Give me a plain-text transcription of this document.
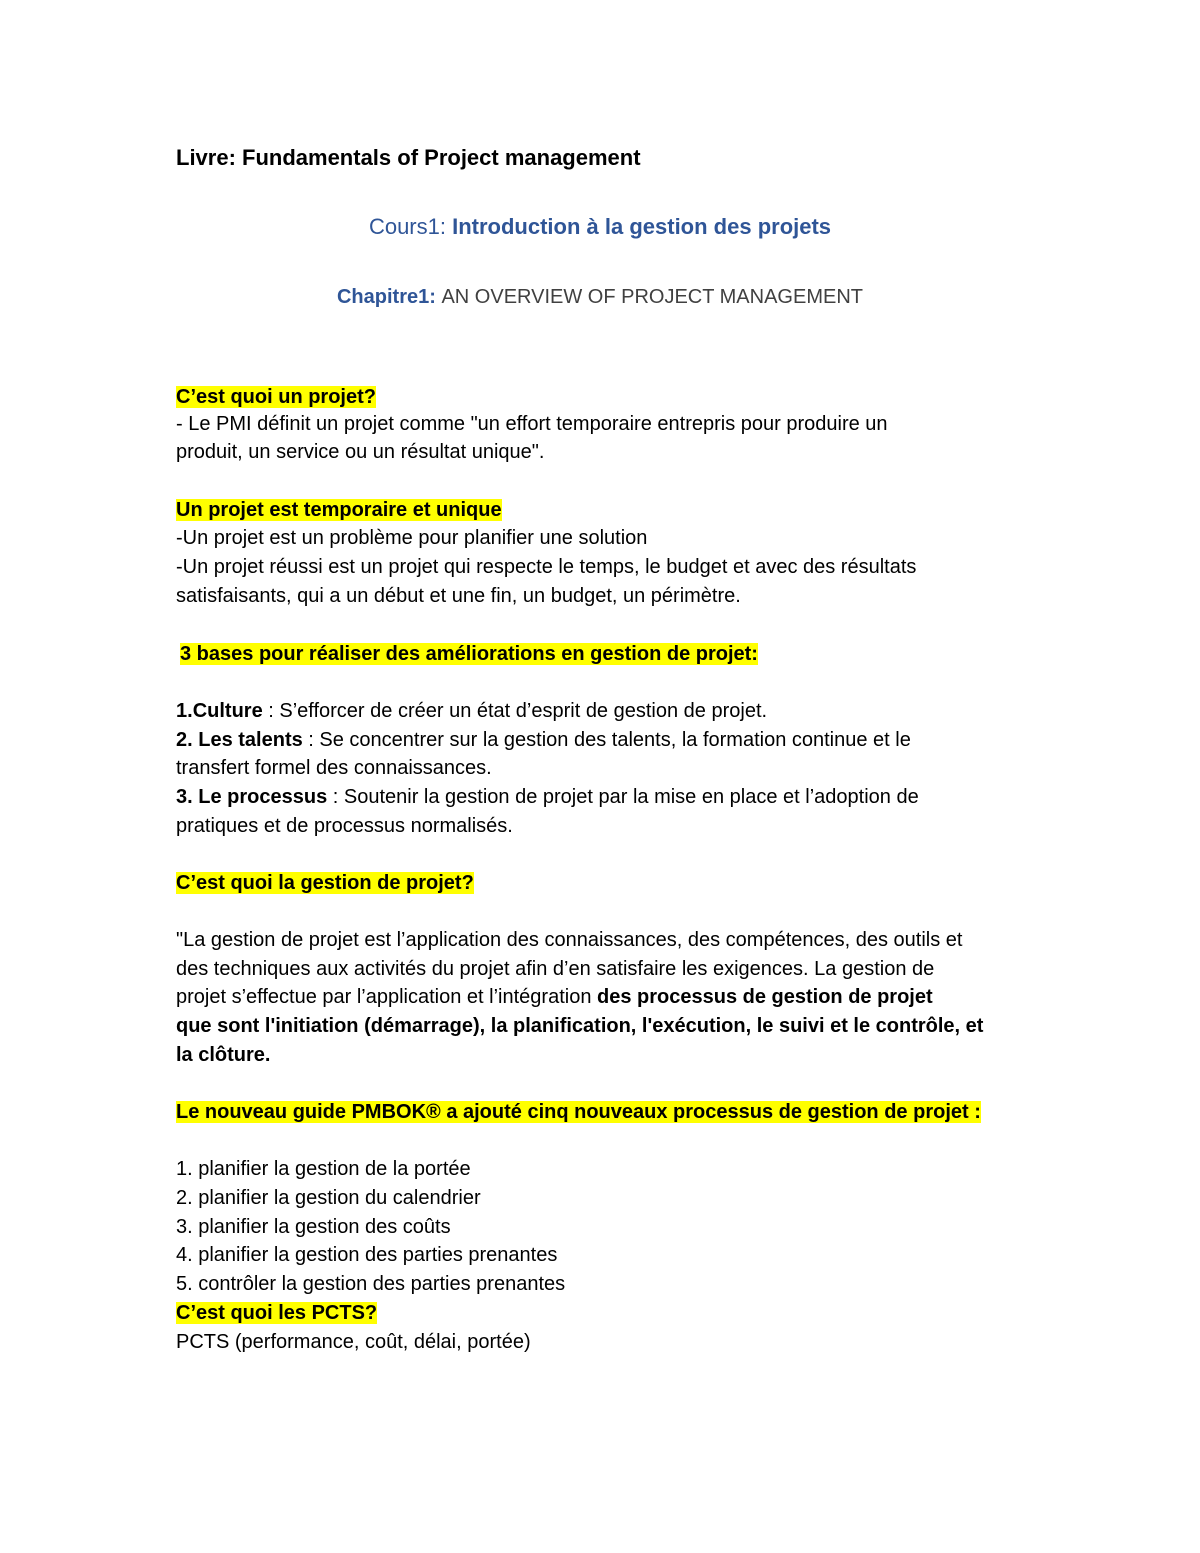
Livre: Fundamentals of Project management
Cours1: Introduction à la gestion des projets
Chapitre1: AN OVERVIEW OF PROJECT MANAGEMENT
C’est quoi un projet?
- Le PMI définit un projet comme "un effort temporaire entrepris pour produire un
produit, un service ou un résultat unique".
Un projet est temporaire et unique
-Un projet est un problème pour planifier une solution
-Un projet réussi est un projet qui respecte le temps, le budget et avec des résultats
satisfaisants, qui a un début et une fin, un budget, un périmètre.
3 bases pour réaliser des améliorations en gestion de projet:
1.Culture : S’efforcer de créer un état d’esprit de gestion de projet.
2. Les talents : Se concentrer sur la gestion des talents, la formation continue et le
transfert formel des connaissances.
3. Le processus : Soutenir la gestion de projet par la mise en place et l’adoption de
pratiques et de processus normalisés.
C’est quoi la gestion de projet?
"La gestion de projet est l’application des connaissances, des compétences, des outils et
des techniques aux activités du projet afin d’en satisfaire les exigences. La gestion de
projet s’effectue par l’application et l’intégration des processus de gestion de projet
que sont l'initiation (démarrage), la planification, l'exécution, le suivi et le contrôle, et
la clôture.
Le nouveau guide PMBOK® a ajouté cinq nouveaux processus de gestion de projet :
1. planifier la gestion de la portée
2. planifier la gestion du calendrier
3. planifier la gestion des coûts
4. planifier la gestion des parties prenantes
5. contrôler la gestion des parties prenantes
C’est quoi les PCTS?
PCTS (performance, coût, délai, portée)
